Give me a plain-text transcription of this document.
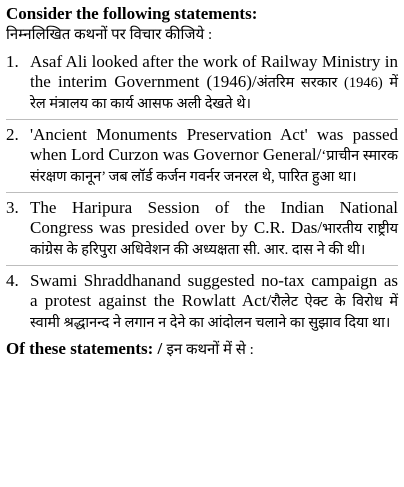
Consider the following statements:

निम्नलिखित कथनों पर विचार कीजिये :

1. Asaf Ali looked after the work of Railway Ministry in the interim Government (1946)/अंतरिम सरकार (1946) में रेल मंत्रालय का कार्य आसफ अली देखते थे।
2. 'Ancient Monuments Preservation Act' was passed when Lord Curzon was Governor General/‘प्राचीन स्मारक संरक्षण कानून’ जब लॉर्ड कर्जन गवर्नर जनरल थे, पारित हुआ था।
3. The Haripura Session of the Indian National Congress was presided over by C.R. Das/भारतीय राष्ट्रीय कांग्रेस के हरिपुरा अधिवेशन की अध्यक्षता सी. आर. दास ने की थी।
4. Swami Shraddhanand suggested no-tax campaign as a protest against the Rowlatt Act/रौलेट ऐक्ट के विरोध में स्वामी श्रद्धानन्द ने लगान न देने का आंदोलन चलाने का सुझाव दिया था।

Of these statements: / इन कथनों में से :
